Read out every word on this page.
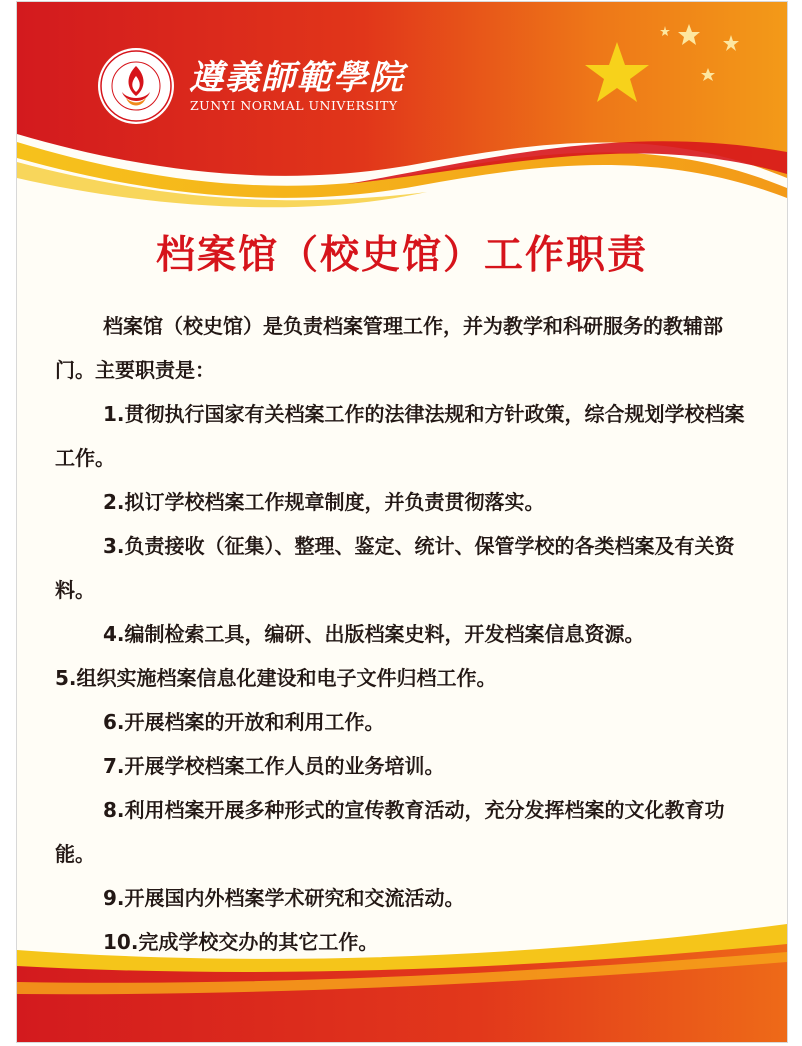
遵義師範學院
ZUNYI NORMAL UNIVERSITY
档案馆（校史馆）工作职责

档案馆（校史馆）是负责档案管理工作，并为教学和科研服务的教辅部门。主要职责是：

1.贯彻执行国家有关档案工作的法律法规和方针政策，综合规划学校档案工作。

2.拟订学校档案工作规章制度，并负责贯彻落实。

3.负责接收（征集）、整理、鉴定、统计、保管学校的各类档案及有关资料。

4.编制检索工具，编研、出版档案史料，开发档案信息资源。

5.组织实施档案信息化建设和电子文件归档工作。

6.开展档案的开放和利用工作。

7.开展学校档案工作人员的业务培训。

8.利用档案开展多种形式的宣传教育活动，充分发挥档案的文化教育功能。

9.开展国内外档案学术研究和交流活动。

10.完成学校交办的其它工作。
